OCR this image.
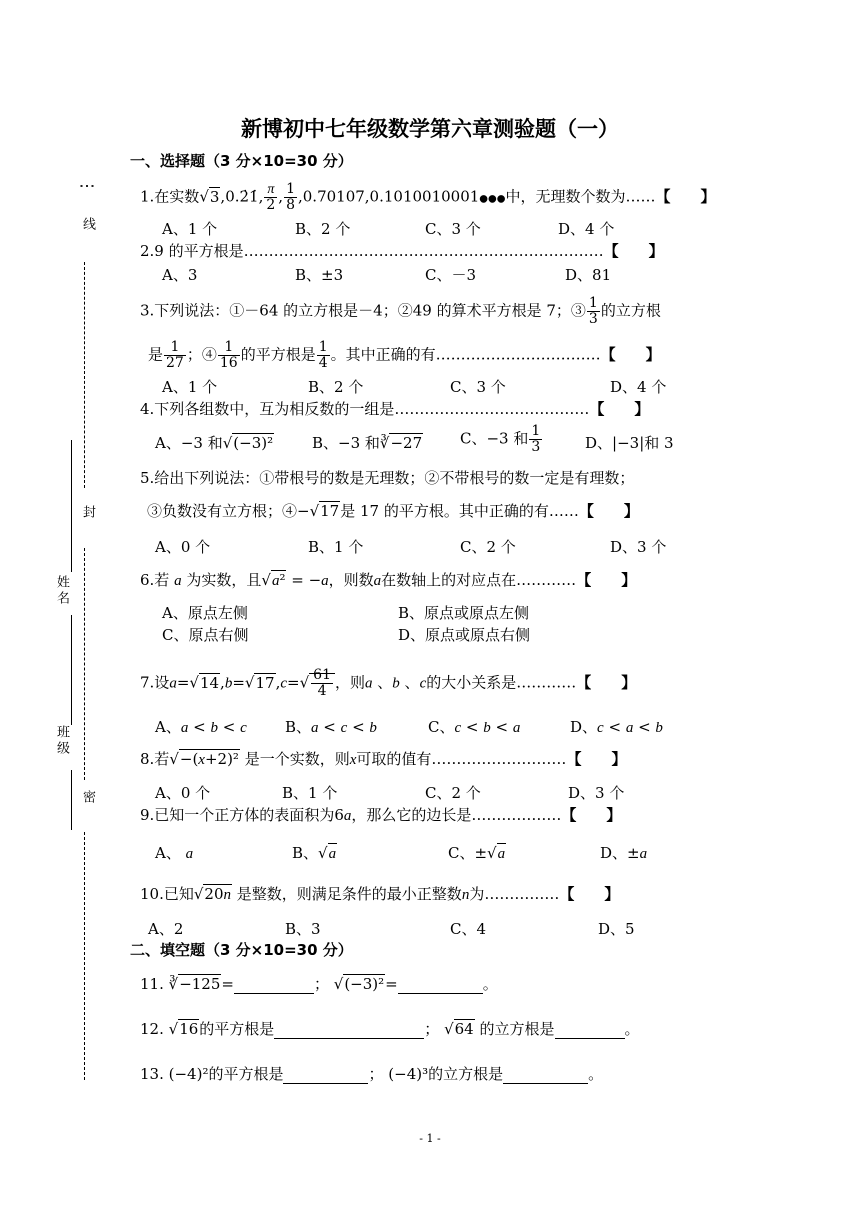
⋮
线
封
密
姓名
班级
新博初中七年级数学第六章测验题（一）
一、选择题（3 分×10=30 分）
1.在实数√3,0.2̇1̇, $\frac{\pi}{2}$ , $\frac{1}{8}$ ,0.70107,0.1010010001●●●中，无理数个数为……【　　】
A、1 个	B、2 个	C、3 个	D、4 个
2.9 的平方根是………………………………………………………………【　　】
A、3	B、±3	C、－3	D、81
3.下列说法：①－64 的立方根是－4；②49 的算术平方根是 7；③ $\frac{1}{3}$ 的立方根
是 $\frac{1}{27}$ ；④ $\frac{1}{16}$ 的平方根是 $\frac{1}{4}$ 。其中正确的有……………………………【　　】
A、1 个	B、2 个	C、3 个	D、4 个
4.下列各组数中，互为相反数的一组是…………………………………【　　】
A、−3 和√(−3)²	B、−3 和∛−27	C、−3 和 $\frac{1}{3}$	D、|−3|和 3
5.给出下列说法：①带根号的数是无理数；②不带根号的数一定是有理数；
③负数没有立方根；④−√17是 17 的平方根。其中正确的有……【　　】
A、0 个	B、1 个	C、2 个	D、3 个
6.若 a 为实数，且√a² = −a，则数a在数轴上的对应点在…………【　　】
A、原点左侧	B、原点或原点左侧
C、原点右侧	D、原点或原点右侧
7.设$a=√14,b=√17,c=√ \frac{61}{4}$ ，则a 、b 、c的大小关系是…………【　　】
A、a < b < c	B、a < c < b	C、c < b < a	D、c < a < b
8.若√−(x+2)² 是一个实数，则x可取的值有………………………【　　】
A、0 个	B、1 个	C、2 个	D、3 个
9.已知一个正方体的表面积为6a，那么它的边长是………………【　　】
A、 a	B、√a	C、±√a	D、±a
10.已知√20n 是整数，则满足条件的最小正整数n为……………【　　】
A、2	B、3	C、4	D、5
二、填空题（3 分×10=30 分）
11. ∛−125=	； √(−3)²=	。
12. √16的平方根是	； √64 的立方根是	。
13. (−4)²的平方根是	； (−4)³的立方根是	。
- 1 -
